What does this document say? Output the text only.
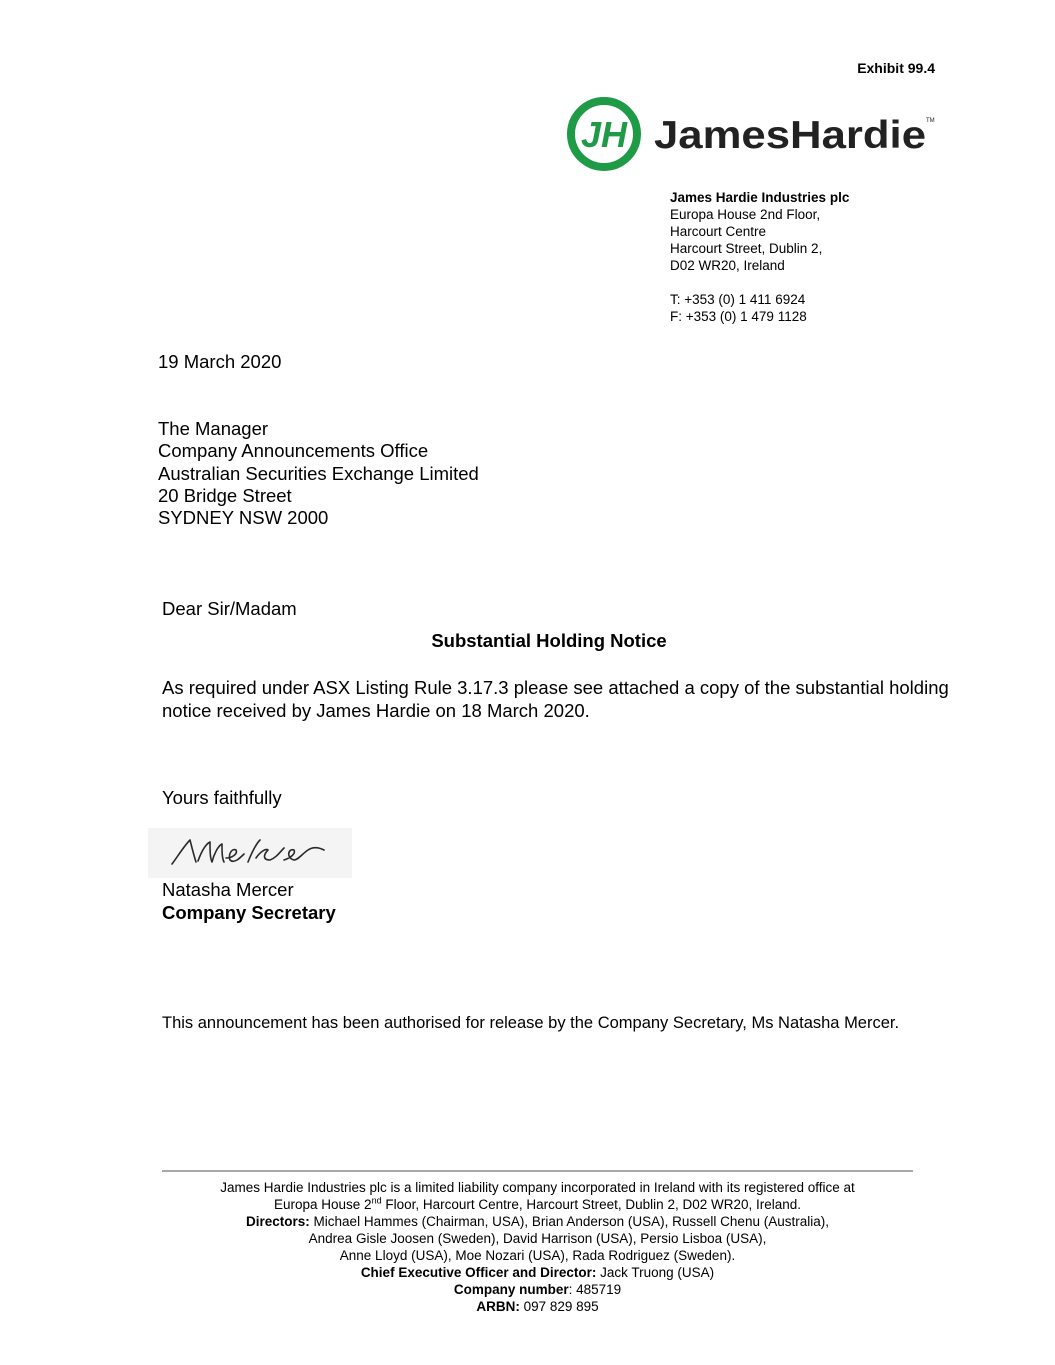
Exhibit 99.4
JH JamesHardie TM
James Hardie Industries plc
Europa House 2nd Floor,
Harcourt Centre
Harcourt Street, Dublin 2,
D02 WR20, Ireland
T: +353 (0) 1 411 6924
F: +353 (0) 1 479 1128
19 March 2020
The Manager
Company Announcements Office
Australian Securities Exchange Limited
20 Bridge Street
SYDNEY NSW 2000
Dear Sir/Madam
Substantial Holding Notice
As required under ASX Listing Rule 3.17.3 please see attached a copy of the substantial holding notice received by James Hardie on 18 March 2020.
Yours faithfully
Natasha Mercer
Company Secretary
This announcement has been authorised for release by the Company Secretary, Ms Natasha Mercer.
James Hardie Industries plc is a limited liability company incorporated in Ireland with its registered office at
Europa House 2nd Floor, Harcourt Centre, Harcourt Street, Dublin 2, D02 WR20, Ireland.
Directors: Michael Hammes (Chairman, USA), Brian Anderson (USA), Russell Chenu (Australia),
Andrea Gisle Joosen (Sweden), David Harrison (USA), Persio Lisboa (USA),
Anne Lloyd (USA), Moe Nozari (USA), Rada Rodriguez (Sweden).
Chief Executive Officer and Director: Jack Truong (USA)
Company number: 485719
ARBN: 097 829 895
